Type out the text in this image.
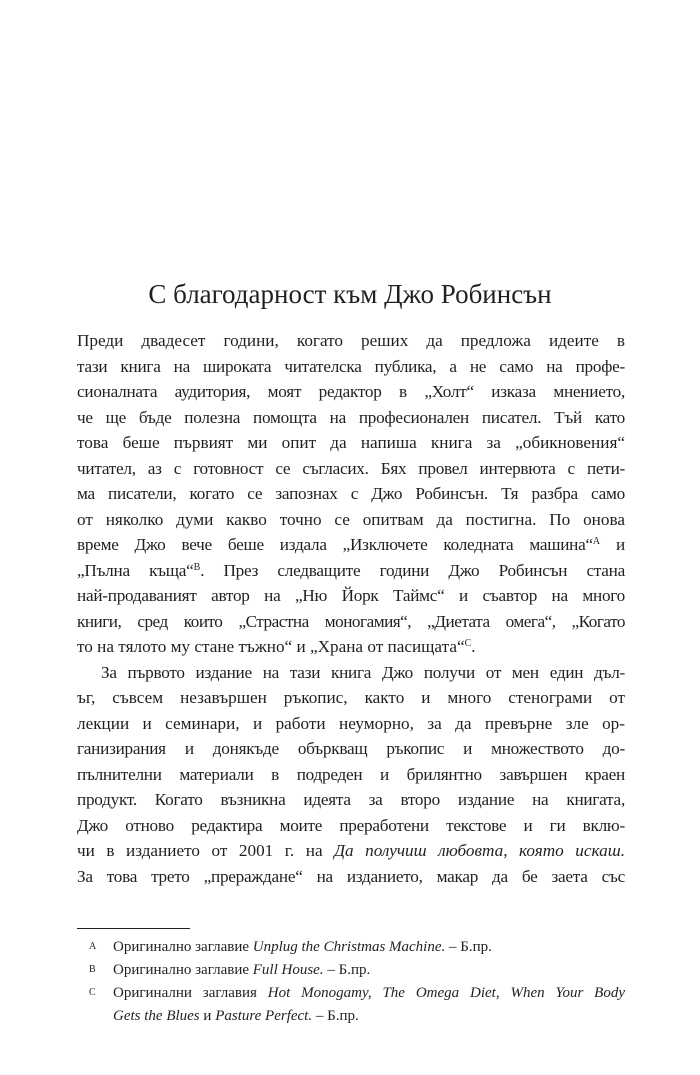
С благодарност към Джо Робинсън
Преди двадесет години, когато реших да предложа идеите в
тази книга на широката читателска публика, а не само на профе-
сионалната аудитория, моят редактор в „Холт“ изказа мнението,
че ще бъде полезна помощта на професионален писател. Тъй като
това беше първият ми опит да напиша книга за „обикновения“
читател, аз с готовност се съгласих. Бях провел интервюта с пети-
ма писатели, когато се запознах с Джо Робинсън. Тя разбра само
от няколко думи какво точно се опитвам да постигна. По онова
време Джо вече беше издала „Изключете коледната машина“$^A$ и
„Пълна къща“$^B$. През следващите години Джо Робинсън стана
най-продаваният автор на „Ню Йорк Таймс“ и съавтор на много
книги, сред които „Страстна моногамия“, „Диетата омега“, „Когато
то на тялото му стане тъжно“ и „Храна от пасищата“$^C$.
За първото издание на тази книга Джо получи от мен един дъл-
ъг, съвсем незавършен ръкопис, както и много стенограми от
лекции и семинари, и работи неуморно, за да превърне зле ор-
ганизирания и донякъде объркващ ръкопис и множеството до-
пълнителни материали в подреден и брилянтно завършен краен
продукт. Когато възникна идеята за второ издание на книгата,
Джо отново редактира моите преработени текстове и ги вклю-
чи в изданието от 2001 г. на Да получиш любовта, която искаш.
За това трето „прераждане“ на изданието, макар да бе заета със
A Оригинално заглавие Unplug the Christmas Machine. – Б.пр.
B Оригинално заглавие Full House. – Б.пр.
C Оригинални заглавия Hot Monogamy, The Omega Diet, When Your Body
Gets the Blues и Pasture Perfect. – Б.пр.
